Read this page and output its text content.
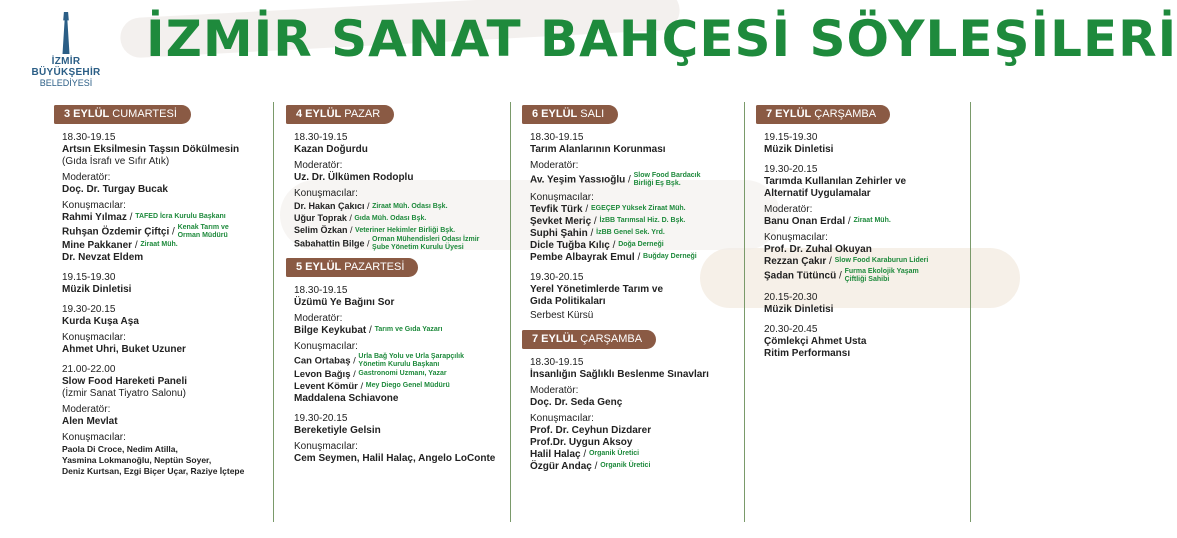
İZMİR
BÜYÜKŞEHİR
BELEDİYESİ
İZMİR SANAT BAHÇESİ SÖYLEŞİLERİ
3 EYLÜL CUMARTESİ
18.30-19.15
Artsın Eksilmesin Taşsın Dökülmesin
(Gıda İsrafı ve Sıfır Atık)
Moderatör:
Doç. Dr. Turgay Bucak
Konuşmacılar:
Rahmi Yılmaz / TAFED İcra Kurulu Başkanı
Ruhşan Özdemir Çiftçi / Kenak Tarım ve Orman Müdürü
Mine Pakkaner / Ziraat Müh.
Dr. Nevzat Eldem
19.15-19.30
Müzik Dinletisi
19.30-20.15
Kurda Kuşa Aşa
Konuşmacılar:
Ahmet Uhri, Buket Uzuner
21.00-22.00
Slow Food Hareketi Paneli
(İzmir Sanat Tiyatro Salonu)
Moderatör:
Alen Mevlat
Konuşmacılar:
Paola Di Croce, Nedim Atilla,
Yasmina Lokmanoğlu, Neptün Soyer,
Deniz Kurtsan, Ezgi Biçer Uçar, Raziye İçtepe
4 EYLÜL PAZAR
18.30-19.15
Kazan Doğurdu
Moderatör:
Uz. Dr. Ülkümen Rodoplu
Konuşmacılar:
Dr. Hakan Çakıcı / Ziraat Müh. Odası Bşk.
Uğur Toprak / Gıda Müh. Odası Bşk.
Selim Özkan / Veteriner Hekimler Birliği Bşk.
Sabahattin Bilge / Orman Mühendisleri Odası İzmir Şube Yönetim Kurulu Üyesi
5 EYLÜL PAZARTESİ
18.30-19.15
Üzümü Ye Bağını Sor
Moderatör:
Bilge Keykubat / Tarım ve Gıda Yazarı
Konuşmacılar:
Can Ortabaş / Urla Bağ Yolu ve Urla Şarapçılık Yönetim Kurulu Başkanı
Levon Bağış / Gastronomi Uzmanı, Yazar
Levent Kömür / Mey Diego Genel Müdürü
Maddalena Schiavone
19.30-20.15
Bereketiyle Gelsin
Konuşmacılar:
Cem Seymen, Halil Halaç, Angelo LoConte
6 EYLÜL SALI
18.30-19.15
Tarım Alanlarının Korunması
Moderatör:
Av. Yeşim Yassıoğlu / Slow Food Bardacık Birliği Eş Bşk.
Konuşmacılar:
Tevfik Türk / EGEÇEP Yüksek Ziraat Müh.
Şevket Meriç / İzBB Tarımsal Hiz. D. Bşk.
Suphi Şahin / İzBB Genel Sek. Yrd.
Dicle Tuğba Kılıç / Doğa Derneği
Pembe Albayrak Emul / Buğday Derneği
19.30-20.15
Yerel Yönetimlerde Tarım ve
Gıda Politikaları
Serbest Kürsü
7 EYLÜL ÇARŞAMBA
18.30-19.15
İnsanlığın Sağlıklı Beslenme Sınavları
Moderatör:
Doç. Dr. Seda Genç
Konuşmacılar:
Prof. Dr. Ceyhun Dizdarer
Prof.Dr. Uygun Aksoy
Halil Halaç / Organik Üretici
Özgür Andaç / Organik Üretici
7 EYLÜL ÇARŞAMBA
19.15-19.30
Müzik Dinletisi
19.30-20.15
Tarımda Kullanılan Zehirler ve
Alternatif Uygulamalar
Moderatör:
Banu Onan Erdal / Ziraat Müh.
Konuşmacılar:
Prof. Dr. Zuhal Okuyan
Rezzan Çakır / Slow Food Karaburun Lideri
Şadan Tütüncü / Furma Ekolojik Yaşam Çiftliği Sahibi
20.15-20.30
Müzik Dinletisi
20.30-20.45
Çömlekçi Ahmet Usta
Ritim Performansı
